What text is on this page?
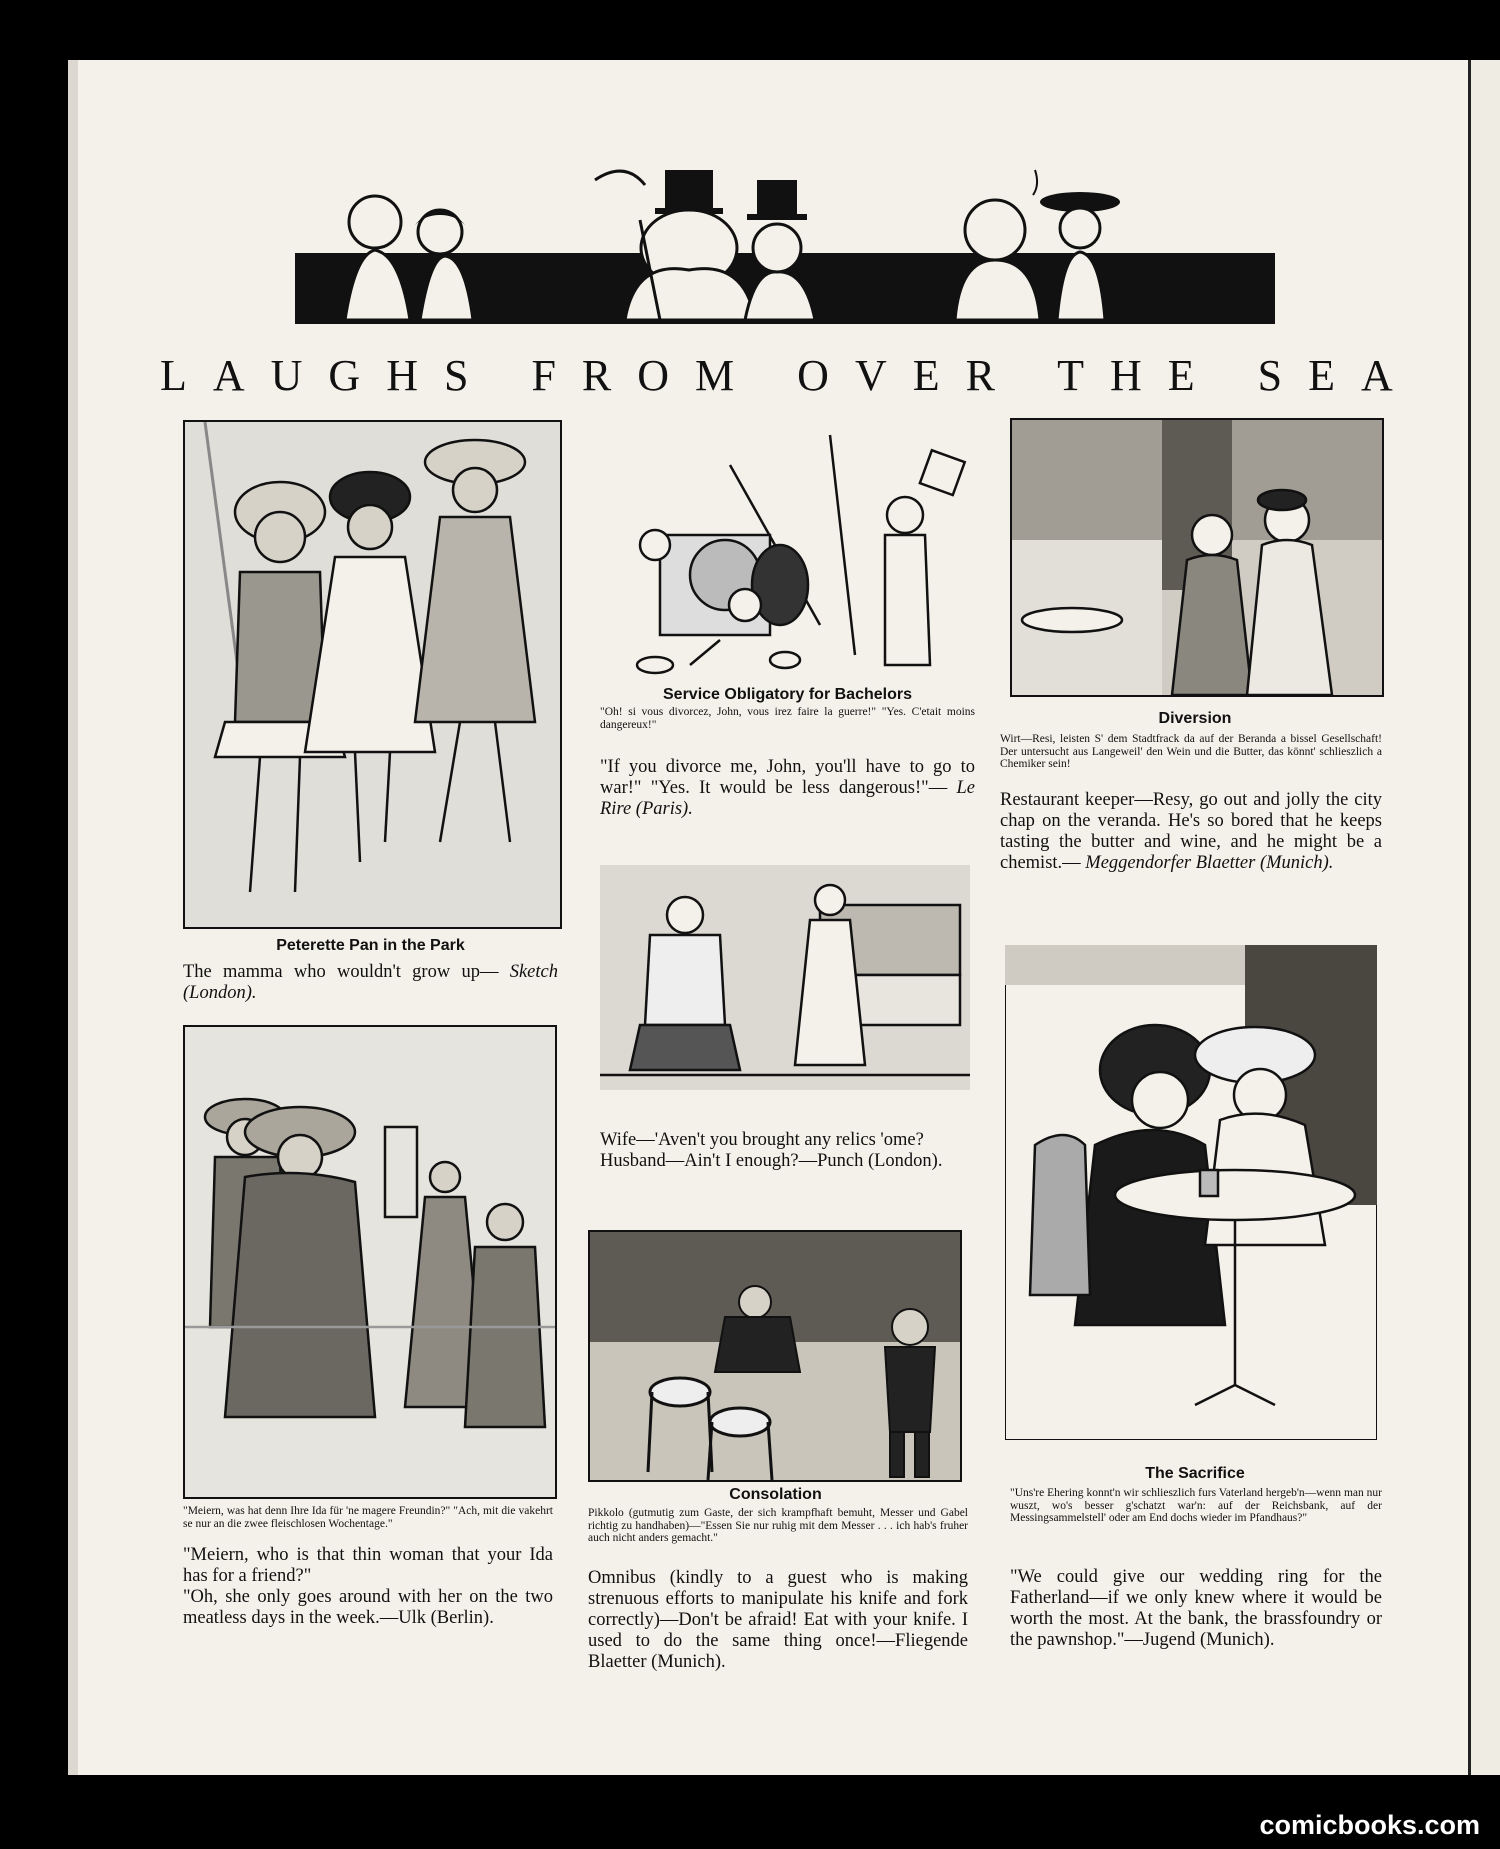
LAUGHS FROM OVER THE SEA
Peterette Pan in the Park
The mamma who wouldn't grow up— Sketch (London).
"Meiern, was hat denn Ihre Ida für 'ne magere Freundin?" "Ach, mit die vakehrt se nur an die zwee fleischlosen Wochentage."
"Meiern, who is that thin woman that your Ida has for a friend?"
"Oh, she only goes around with her on the two meatless days in the week.—Ulk (Berlin).
Service Obligatory for Bachelors
"Oh! si vous divorcez, John, vous irez faire la guerre!" "Yes. C'etait moins dangereux!"
"If you divorce me, John, you'll have to go to war!" "Yes. It would be less dangerous!"— Le Rire (Paris).
Wife—'Aven't you brought any relics 'ome?
Husband—Ain't I enough?—Punch (London).
Consolation
Pikkolo (gutmutig zum Gaste, der sich krampfhaft bemuht, Messer und Gabel richtig zu handhaben)—"Essen Sie nur ruhig mit dem Messer . . . ich hab's fruher auch nicht anders gemacht."
Omnibus (kindly to a guest who is making strenuous efforts to manipulate his knife and fork correctly)—Don't be afraid! Eat with your knife. I used to do the same thing once!—Fliegende Blaetter (Munich).
Diversion
Wirt—Resi, leisten S' dem Stadtfrack da auf der Beranda a bissel Gesellschaft! Der untersucht aus Langeweil' den Wein und die Butter, das könnt' schlieszlich a Chemiker sein!
Restaurant keeper—Resy, go out and jolly the city chap on the veranda. He's so bored that he keeps tasting the butter and wine, and he might be a chemist.— Meggendorfer Blaetter (Munich).
The Sacrifice
"Uns're Ehering konnt'n wir schlieszlich furs Vaterland hergeb'n—wenn man nur wuszt, wo's besser g'schatzt war'n: auf der Reichsbank, auf der Messingsammelstell' oder am End dochs wieder im Pfandhaus?"
"We could give our wedding ring for the Fatherland—if we only knew where it would be worth the most. At the bank, the brassfoundry or the pawnshop."—Jugend (Munich).
comicbooks.com
